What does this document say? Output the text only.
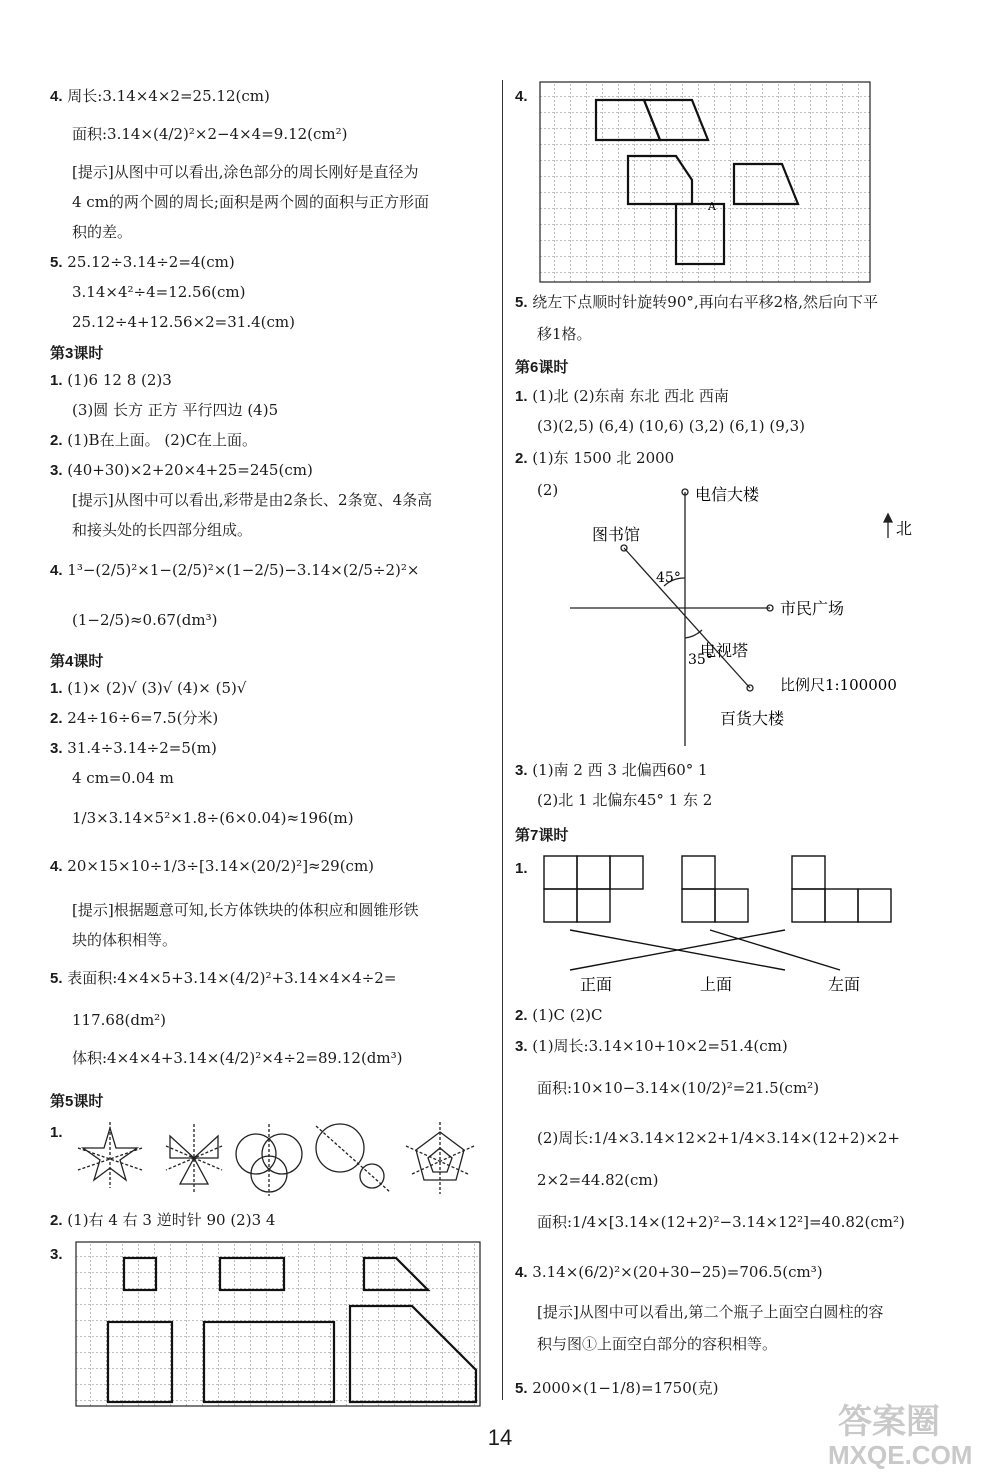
4. 周长:3.14×4×2=25.12(cm)
面积:3.14×(4/2)²×2−4×4=9.12(cm²)
[提示]从图中可以看出,涂色部分的周长刚好是直径为
4 cm的两个圆的周长;面积是两个圆的面积与正方形面
积的差。
5. 25.12÷3.14÷2=4(cm)
3.14×4²÷4=12.56(cm)
25.12÷4+12.56×2=31.4(cm)
第3课时
1. (1)6 12 8 (2)3
(3)圆 长方 正方 平行四边 (4)5
2. (1)B在上面。 (2)C在上面。
3. (40+30)×2+20×4+25=245(cm)
[提示]从图中可以看出,彩带是由2条长、2条宽、4条高
和接头处的长四部分组成。
4. 1³−(2/5)²×1−(2/5)²×(1−2/5)−3.14×(2/5÷2)²×
(1−2/5)≈0.67(dm³)
第4课时
1. (1)× (2)√ (3)√ (4)× (5)√
2. 24÷16÷6=7.5(分米)
3. 31.4÷3.14÷2=5(m)
4 cm=0.04 m
1/3×3.14×5²×1.8÷(6×0.04)≈196(m)
4. 20×15×10÷1/3÷[3.14×(20/2)²]≈29(cm)
[提示]根据题意可知,长方体铁块的体积应和圆锥形铁
块的体积相等。
5. 表面积:4×4×5+3.14×(4/2)²+3.14×4×4÷2=
117.68(dm²)
体积:4×4×4+3.14×(4/2)²×4÷2=89.12(dm³)
第5课时
1.
2. (1)右 4 右 3 逆时针 90 (2)3 4
3.
4.
A
5. 绕左下点顺时针旋转90°,再向右平移2格,然后向下平
移1格。
第6课时
1. (1)北 (2)东南 东北 西北 西南
(3)(2,5) (6,4) (10,6) (3,2) (6,1) (9,3)
2. (1)东 1500 北 2000
(2)	电信大楼
图书馆	北
45°
市民广场
电视塔
35°
比例尺1:100000
百货大楼
3. (1)南 2 西 3 北偏西60° 1
(2)北 1 北偏东45° 1 东 2
第7课时
1.
正面	上面	左面
2. (1)C (2)C
3. (1)周长:3.14×10+10×2=51.4(cm)
面积:10×10−3.14×(10/2)²=21.5(cm²)
(2)周长:1/4×3.14×12×2+1/4×3.14×(12+2)×2+
2×2=44.82(cm)
面积:1/4×[3.14×(12+2)²−3.14×12²]=40.82(cm²)
4. 3.14×(6/2)²×(20+30−25)=706.5(cm³)
[提示]从图中可以看出,第二个瓶子上面空白圆柱的容
积与图①上面空白部分的容积相等。
5. 2000×(1−1/8)=1750(克)
14	答案圈
MXQE.COM
